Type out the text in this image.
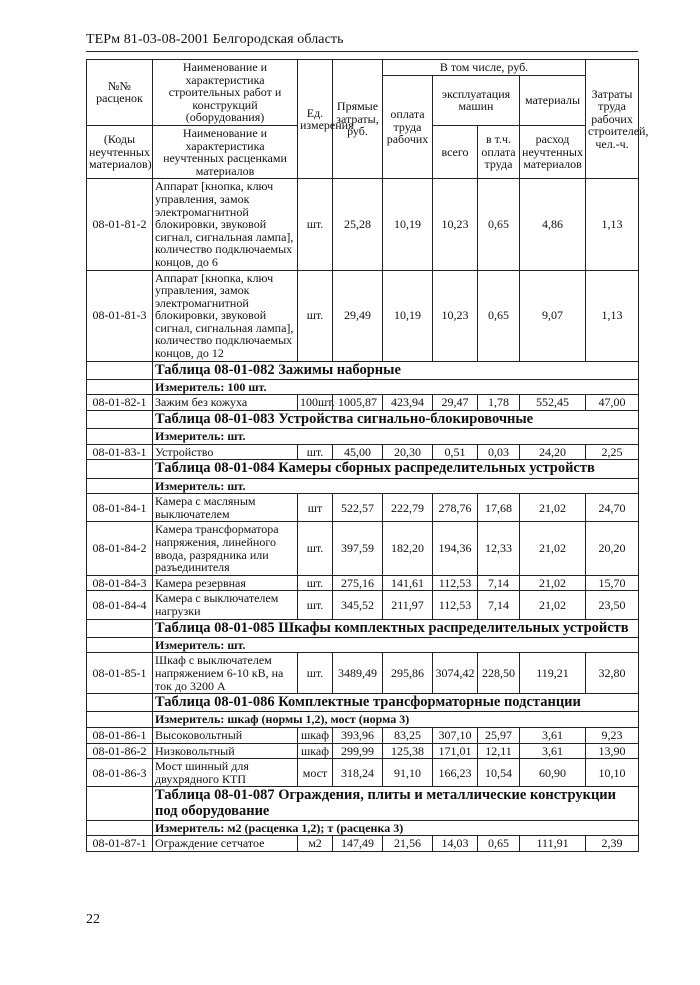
ТЕРм 81-03-08-2001 Белгородская область
№№ расценок	Наименование и характеристика строительных работ и конструкций (оборудования)	Ед. измерения	Прямые затраты, руб.	В том числе, руб.				Затраты труда рабочих строителей, чел.-ч.
				оплата труда рабочих	эксплуатация машин		материалы	
(Коды неучтенных материалов)	Наименование и характеристика неучтенных расценками материалов				всего	в т.ч. оплата труда	расход неучтенных материалов	

08-01-81-2	Аппарат [кнопка, ключ управления, замок электромагнитной блокировки, звуковой сигнал, сигнальная лампа], количество подключаемых концов, до 6	шт.	25,28	10,19	10,23	0,65	4,86	1,13
08-01-81-3	Аппарат [кнопка, ключ управления, замок электромагнитной блокировки, звуковой сигнал, сигнальная лампа], количество подключаемых концов, до 12	шт.	29,49	10,19	10,23	0,65	9,07	1,13
	Таблица 08-01-082 Зажимы наборные							
	Измеритель: 100 шт.							
08-01-82-1	Зажим без кожуха	100шт.	1005,87	423,94	29,47	1,78	552,45	47,00
	Таблица 08-01-083 Устройства сигнально-блокировочные							
	Измеритель: шт.							
08-01-83-1	Устройство	шт.	45,00	20,30	0,51	0,03	24,20	2,25
	Таблица 08-01-084 Камеры сборных распределительных устройств							
	Измеритель: шт.							
08-01-84-1	Камера с масляным выключателем	шт	522,57	222,79	278,76	17,68	21,02	24,70
08-01-84-2	Камера трансформатора напряжения, линейного ввода, разрядника или разъединителя	шт.	397,59	182,20	194,36	12,33	21,02	20,20
08-01-84-3	Камера резервная	шт.	275,16	141,61	112,53	7,14	21,02	15,70
08-01-84-4	Камера с выключателем нагрузки	шт.	345,52	211,97	112,53	7,14	21,02	23,50
	Таблица 08-01-085 Шкафы комплектных распределительных устройств							
	Измеритель: шт.							
08-01-85-1	Шкаф с выключателем напряжением 6-10 кВ, на ток до 3200 А	шт.	3489,49	295,86	3074,42	228,50	119,21	32,80
	Таблица 08-01-086 Комплектные трансформаторные подстанции							
	Измеритель: шкаф (нормы 1,2), мост (норма 3)							
08-01-86-1	Высоковольтный	шкаф	393,96	83,25	307,10	25,97	3,61	9,23
08-01-86-2	Низковольтный	шкаф	299,99	125,38	171,01	12,11	3,61	13,90
08-01-86-3	Мост шинный для двухрядного КТП	мост	318,24	91,10	166,23	10,54	60,90	10,10
	Таблица 08-01-087 Ограждения, плиты и металлические конструкции под оборудование							
	Измеритель: м2 (расценка 1,2); т (расценка 3)							
08-01-87-1	Ограждение сетчатое	м2	147,49	21,56	14,03	0,65	111,91	2,39
22
